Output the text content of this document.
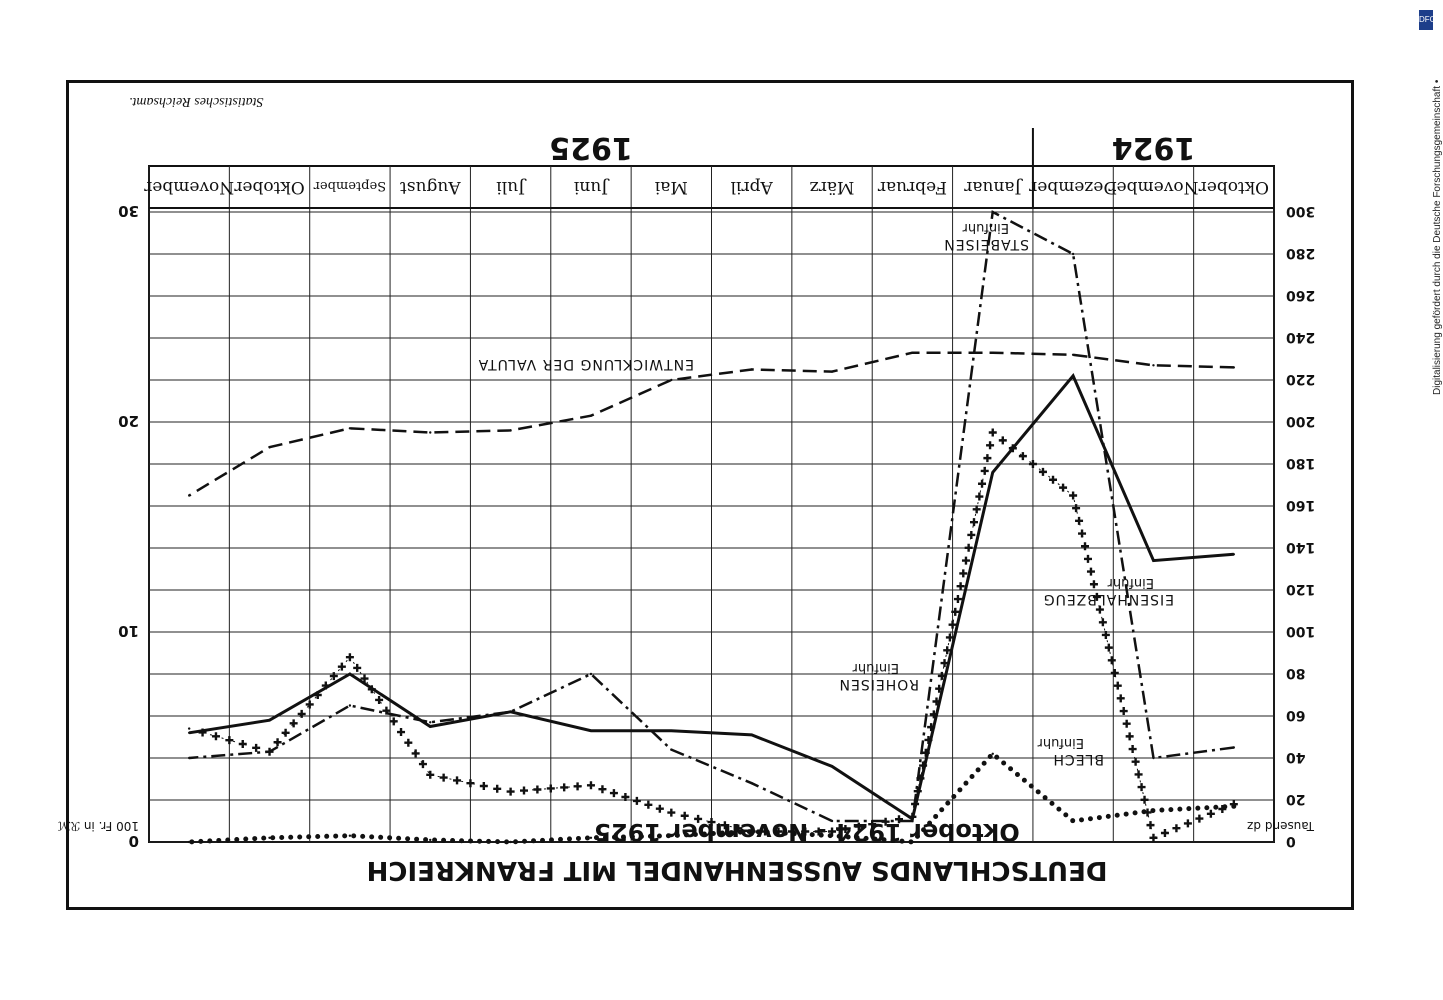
Oktober
November
Dezember
Januar
Februar
März
April
Mai
Juni
Juli
August
September
Oktober
November
1924
1925
0
20
40
60
80
100
120
140
160
180
200
220
240
260
280
300
0
10
20
30
Tausend dz
100 Fr. in ℛℳ
DEUTSCHLANDS AUSSENHANDEL MIT FRANKREICH
Oktober 1924 - November 1925
Statistisches Reichsamt.
BLECH
Einfuhr
ROHEISEN
Einfuhr
EISENHALBZEUG
Einfuhr
STABEISEN
Einfuhr
ENTWICKLUNG DER VALUTA
DFG
Digitalisierung gefördert durch die Deutsche Forschungsgemeinschaft •
